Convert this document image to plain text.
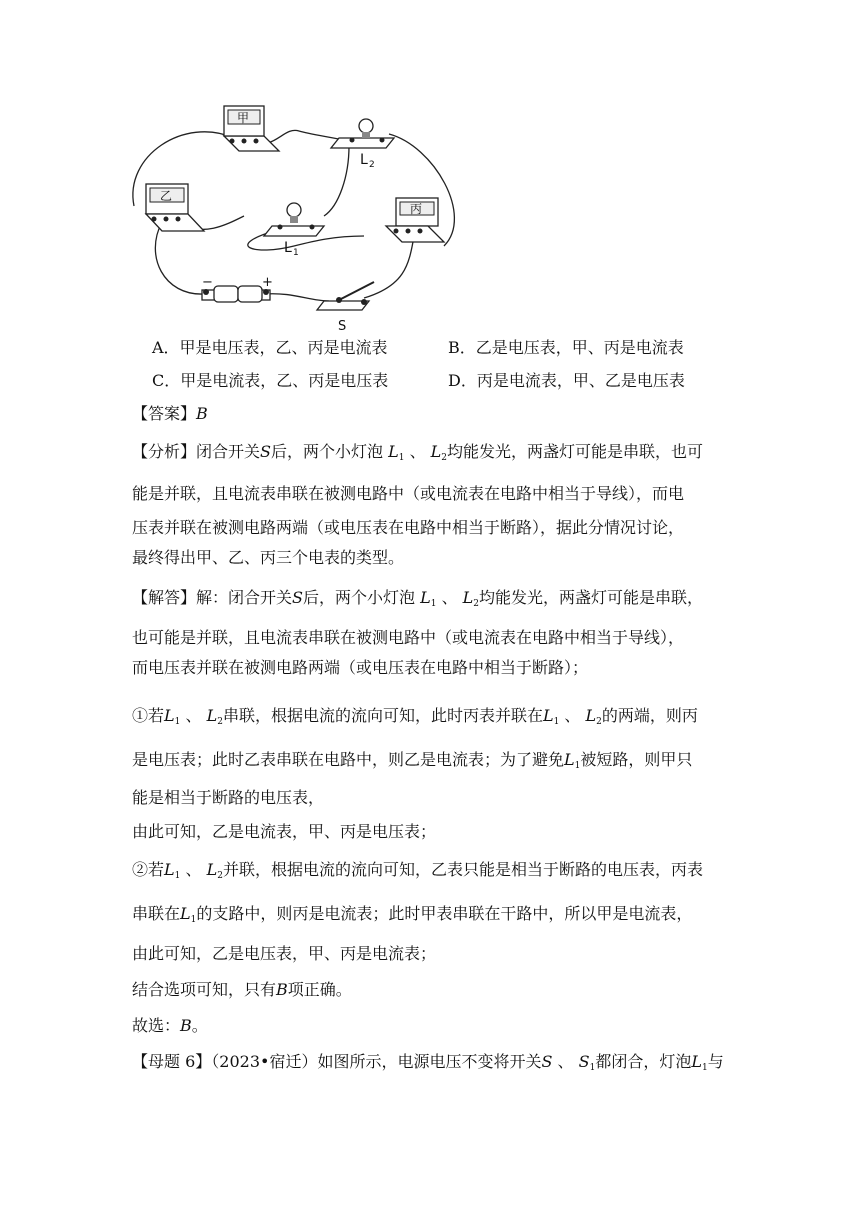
甲
乙
丙
L 2
L 1
−	+
S
A．甲是电压表，乙、丙是电流表	B．乙是电压表，甲、丙是电流表
C．甲是电流表，乙、丙是电压表	D．丙是电流表，甲、乙是电压表
【答案】B
【分析】闭合开关S后，两个小灯泡 $L_1$ 、 $L_2$均能发光，两盏灯可能是串联，也可
能是并联，且电流表串联在被测电路中（或电流表在电路中相当于导线），而电
压表并联在被测电路两端（或电压表在电路中相当于断路），据此分情况讨论，
最终得出甲、乙、丙三个电表的类型。
【解答】解：闭合开关S后，两个小灯泡 $L_1$ 、 $L_2$均能发光，两盏灯可能是串联，
也可能是并联，且电流表串联在被测电路中（或电流表在电路中相当于导线），
而电压表并联在被测电路两端（或电压表在电路中相当于断路）；
①若$L_1$ 、 $L_2$串联，根据电流的流向可知，此时丙表并联在$L_1$ 、 $L_2$的两端，则丙
是电压表；此时乙表串联在电路中，则乙是电流表；为了避免$L_1$被短路，则甲只
能是相当于断路的电压表，
由此可知，乙是电流表，甲、丙是电压表；
②若$L_1$ 、 $L_2$并联，根据电流的流向可知，乙表只能是相当于断路的电压表，丙表
串联在$L_1$的支路中，则丙是电流表；此时甲表串联在干路中，所以甲是电流表，
由此可知，乙是电压表，甲、丙是电流表；
结合选项可知，只有B项正确。
故选：B。
【母题 6】（2023•宿迁）如图所示，电源电压不变将开关S 、 $S_1$都闭合，灯泡$L_1$与
